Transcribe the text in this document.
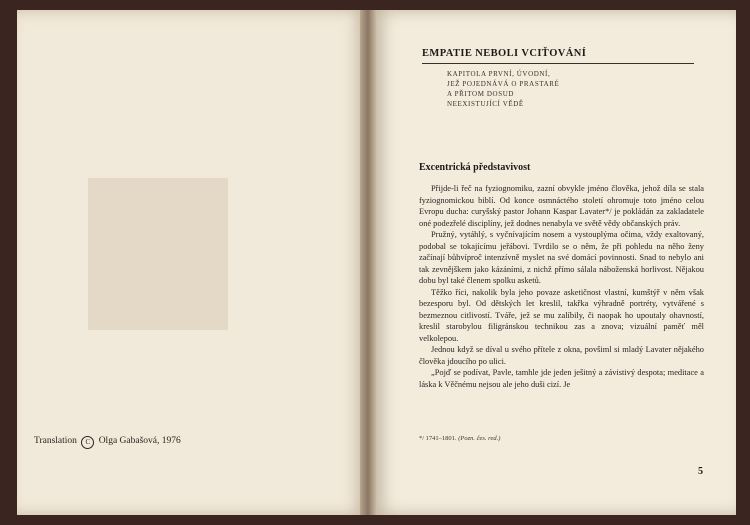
Translation C Olga Gabašová, 1976
EMPATIE NEBOLI VCIŤOVÁNÍ
KAPITOLA PRVNÍ, ÚVODNÍ,
JEŽ POJEDNÁVÁ O PRASTARÉ
A PŘITOM DOSUD
NEEXISTUJÍCÍ VĚDĚ
Excentrická představivost

Přijde-li řeč na fyziognomiku, zazní obvykle jméno člověka, jehož díla se stala fyziognomickou biblí. Od konce osmnáctého století ohromuje toto jméno celou Evropu ducha: curyšský pastor Johann Kaspar Lavater*/ je pokládán za zakladatele oné podezřelé disciplíny, jež dodnes nenabyla ve světě vědy občanských práv.

Pružný, vytáhlý, s vyčnívajícím nosem a vystouplýma očima, vždy exaltovaný, podobal se tokajícímu jeřábovi. Tvrdilo se o něm, že při pohledu na něho ženy začínají bůhvíproč intenzívně myslet na své domácí povinnosti. Snad to nebylo ani tak zevnějškem jako kázáními, z nichž přímo sálala náboženská horlivost. Nějakou dobu byl také členem spolku asketů.

Těžko říci, nakolik byla jeho povaze asketičnost vlastní, kumštýř v něm však bezesporu byl. Od dětských let kreslil, takřka výhradně portréty, vytvářené s bezmeznou citlivostí. Tváře, jež se mu zalíbily, či naopak ho upoutaly ohavností, kreslil starobylou filigránskou technikou zas a znova; vizuální paměť měl velkolepou.

Jednou když se díval u svého přítele z okna, povšiml si mladý Lavater nějakého člověka jdoucího po ulici.

„Pojď se podívat, Pavle, tamhle jde jeden ješitný a závistivý despota; meditace a láska k Věčnému nejsou ale jeho duši cizí. Je

*/ 1741–1801. (Pozn. čes. red.)
5
